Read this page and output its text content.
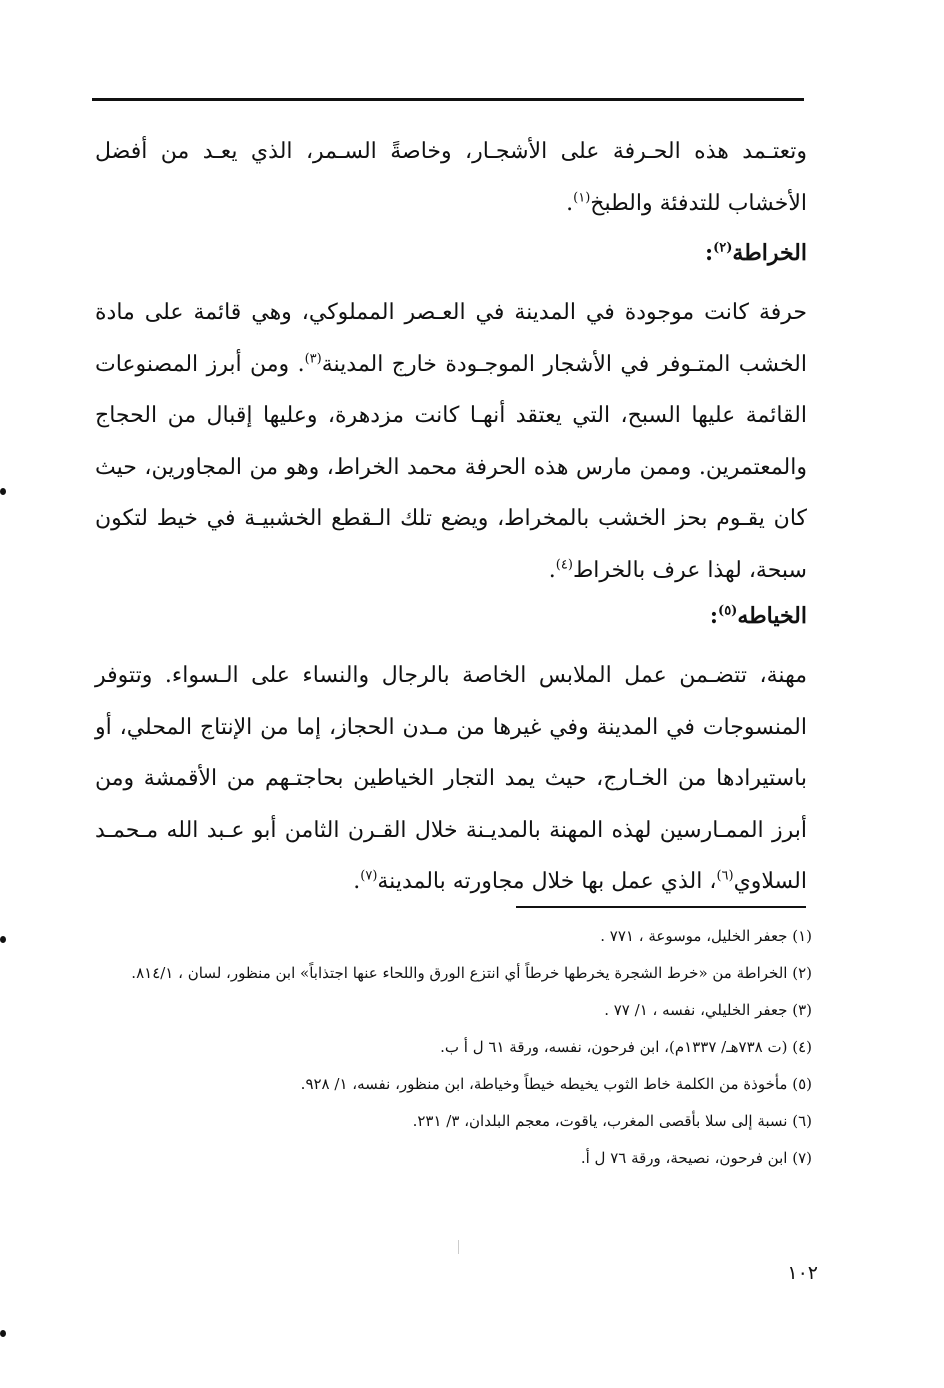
وتعتـمد هذه الحـرفة على الأشجـار، وخاصةً السـمر، الذي يعـد من أفضل الأخشاب للتدفئة والطبخ$^{(١)}$.

الخراطة$^{(٢)}$:

حرفة كانت موجودة في المدينة في العـصر المملوكي، وهي قائمة على مادة الخشب المتـوفر في الأشجار الموجـودة خارج المدينة$^{(٣)}$. ومن أبرز المصنوعات القائمة عليها السبح، التي يعتقد أنهـا كانت مزدهرة، وعليها إقبال من الحجاج والمعتمرين. وممن مارس هذه الحرفة محمد الخراط، وهو من المجاورين، حيث كان يقـوم بحز الخشب بالمخراط، ويضع تلك الـقطع الخشبيـة في خيط لتكون سبحة، لهذا عرف بالخراط$^{(٤)}$.

الخياطه$^{(٥)}$:

مهنة، تتضـمن عمل الملابس الخاصة بالرجال والنساء على الـسواء. وتتوفر المنسوجات في المدينة وفي غيرها من مـدن الحجاز، إما من الإنتاج المحلي، أو باستيرادها من الخـارج، حيث يمد التجار الخياطين بحاجتـهم من الأقمشة ومن أبرز الممـارسين لهذه المهنة بالمديـنة خلال القـرن الثامن أبو عـبد الله مـحمـد السلاوي$^{(٦)}$، الذي عمل بها خلال مجاورته بالمدينة$^{(٧)}$.

(١) جعفر الخليل، موسوعة ، ٧٧١ .

(٢) الخراطة من «خرط الشجرة يخرطها خرطاً أي انتزع الورق واللحاء عنها اجتذاباً» ابن منظور، لسان ، ٨١٤/١.

(٣) جعفر الخليلي، نفسه ، ١/ ٧٧ .

(٤) (ت ٧٣٨هـ/ ١٣٣٧م)، ابن فرحون، نفسه، ورقة ٦١ ل أ ب.

(٥) مأخوذة من الكلمة خاط الثوب يخيطه خيطاً وخياطة، ابن منظور، نفسه، ١/ ٩٢٨.

(٦) نسبة إلى سلا بأقصى المغرب، ياقوت، معجم البلدان، ٣/ ٢٣١.

(٧) ابن فرحون، نصيحة، ورقة ٧٦ ل أ.

١٠٢
